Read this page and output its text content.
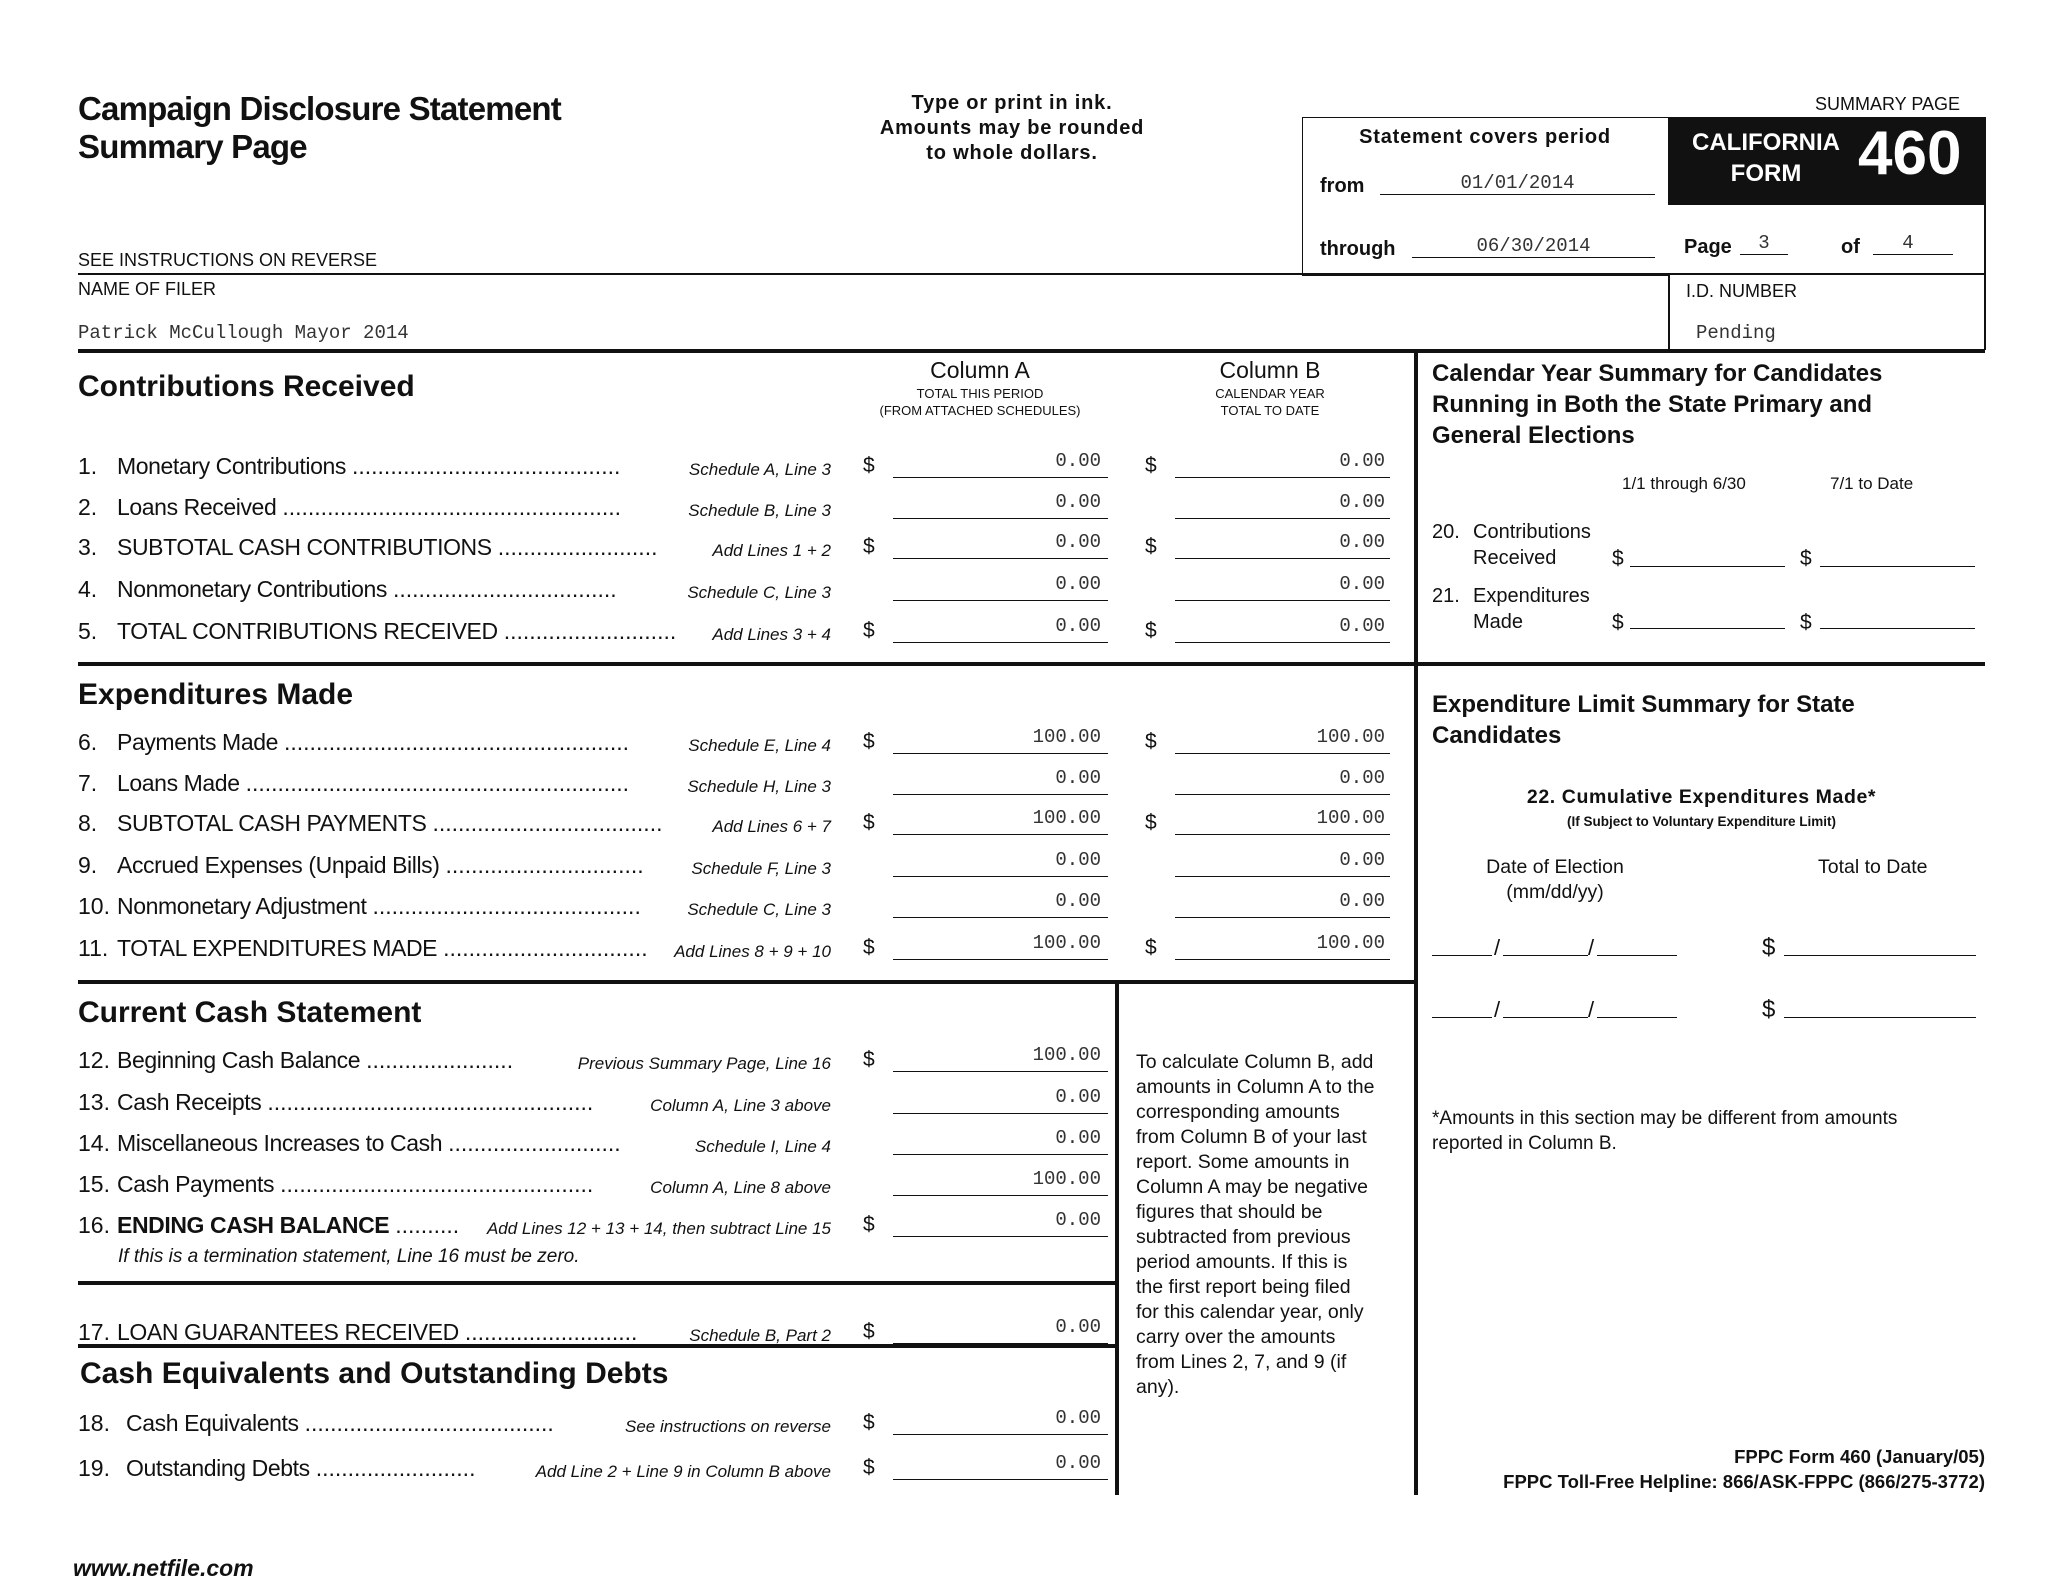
Campaign Disclosure Statement
Summary Page
Type or print in ink.
Amounts may be rounded
to whole dollars.
SEE INSTRUCTIONS ON REVERSE
SUMMARY PAGE
Statement covers period
from	01/01/2014
through	06/30/2014
CALIFORNIA
FORM 460
Page	3	of	4
NAME OF FILER
Patrick McCullough Mayor 2014
I.D. NUMBER
Pending
Column A
TOTAL THIS PERIOD
(FROM ATTACHED SCHEDULES)
Column B
CALENDAR YEAR
TOTAL TO DATE
Contributions Received
1. Monetary Contributions ..........................................	Schedule A, Line 3 $	0.00 $	0.00
2. Loans Received .....................................................	Schedule B, Line 3	0.00	0.00
3. SUBTOTAL CASH CONTRIBUTIONS .........................	Add Lines 1 + 2 $	0.00 $	0.00
4. Nonmonetary Contributions ...................................	Schedule C, Line 3	0.00	0.00
5. TOTAL CONTRIBUTIONS RECEIVED ...........................	Add Lines 3 + 4 $	0.00 $	0.00
Expenditures Made
6. Payments Made ......................................................	Schedule E, Line 4 $	100.00 $	100.00
7. Loans Made ............................................................	Schedule H, Line 3	0.00	0.00
8. SUBTOTAL CASH PAYMENTS ....................................	Add Lines 6 + 7 $	100.00 $	100.00
9. Accrued Expenses (Unpaid Bills) ...............................	Schedule F, Line 3	0.00	0.00
10. Nonmonetary Adjustment ..........................................	Schedule C, Line 3	0.00	0.00
11. TOTAL EXPENDITURES MADE ................................	Add Lines 8 + 9 + 10 $	100.00 $	100.00
Current Cash Statement
12. Beginning Cash Balance .......................	Previous Summary Page, Line 16 $	100.00
13. Cash Receipts ...................................................	Column A, Line 3 above	0.00
14. Miscellaneous Increases to Cash ...........................	Schedule I, Line 4	0.00
15. Cash Payments .................................................	Column A, Line 8 above	100.00
16. ENDING CASH BALANCE ..........	Add Lines 12 + 13 + 14, then subtract Line 15 $	0.00
If this is a termination statement, Line 16 must be zero.
17. LOAN GUARANTEES RECEIVED ...........................	Schedule B, Part 2 $	0.00
Cash Equivalents and Outstanding Debts
18. Cash Equivalents .......................................	See instructions on reverse $	0.00
19. Outstanding Debts .........................	Add Line 2 + Line 9 in Column B above $	0.00
To calculate Column B, add
amounts in Column A to the
corresponding amounts
from Column B of your last
report. Some amounts in
Column A may be negative
figures that should be
subtracted from previous
period amounts. If this is
the first report being filed
for this calendar year, only
carry over the amounts
from Lines 2, 7, and 9 (if
any).
Calendar Year Summary for Candidates
Running in Both the State Primary and
General Elections
1/1 through 6/30	7/1 to Date
20. Contributions
Received	$	$
21. Expenditures
Made	$	$
Expenditure Limit Summary for State
Candidates
22. Cumulative Expenditures Made*
(If Subject to Voluntary Expenditure Limit)
Date of Election
(mm/dd/yy)
Total to Date
/	/	$
/	/	$
*Amounts in this section may be different from amounts
reported in Column B.
FPPC Form 460 (January/05)
FPPC Toll-Free Helpline: 866/ASK-FPPC (866/275-3772)
www.netfile.com
